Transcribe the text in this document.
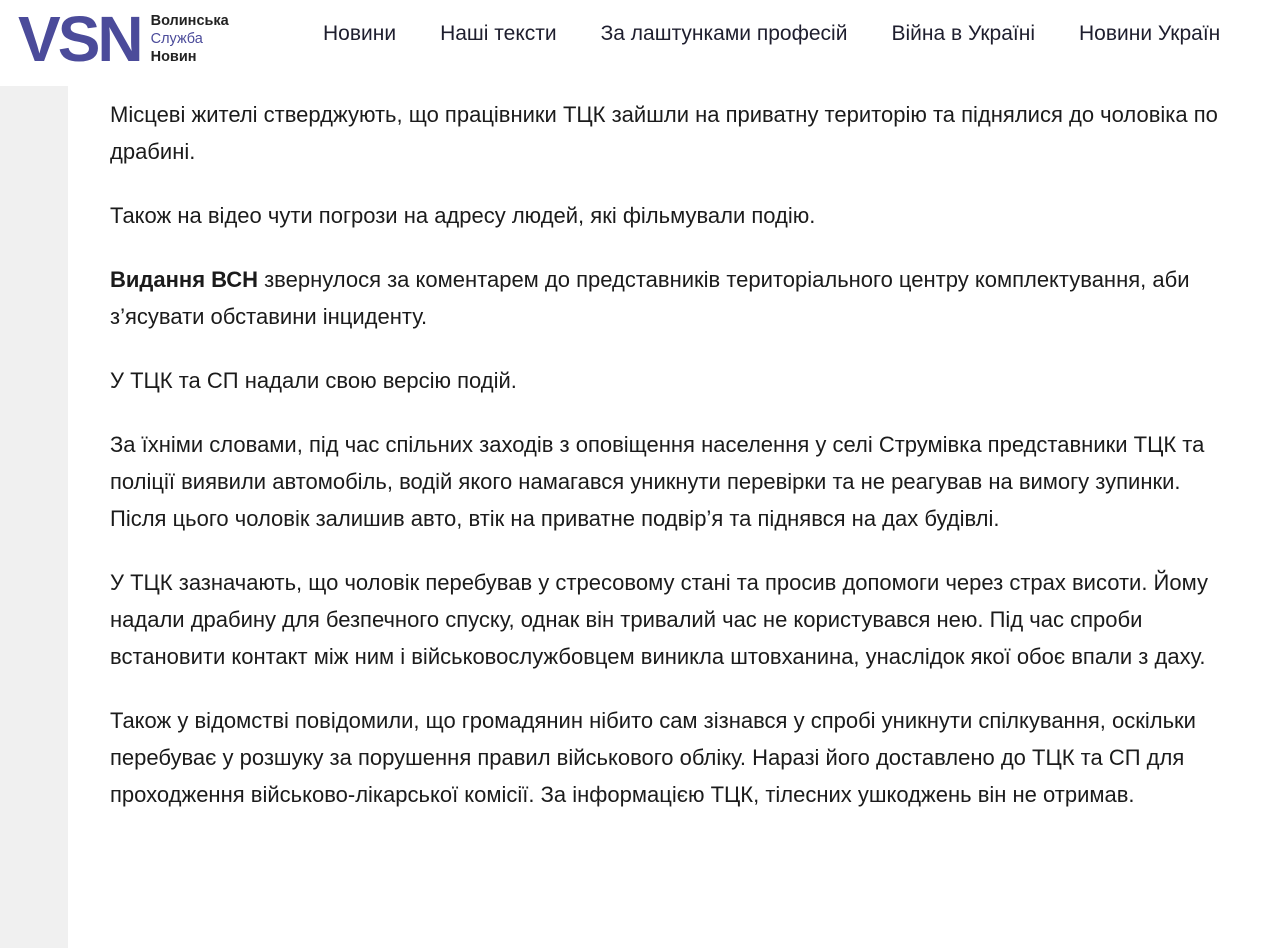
VSN Волинська
Служба
Новин
Новини Наші тексти За лаштунками професій Війна в Україні Новини Україн

Місцеві жителі стверджують, що працівники ТЦК зайшли на приватну територію та піднялися до чоловіка по драбині.

Також на відео чути погрози на адресу людей, які фільмували подію.

Видання ВСН звернулося за коментарем до представників територіального центру комплектування, аби з’ясувати обставини інциденту.

У ТЦК та СП надали свою версію подій.

За їхніми словами, під час спільних заходів з оповіщення населення у селі Струмівка представники ТЦК та поліції виявили автомобіль, водій якого намагався уникнути перевірки та не реагував на вимогу зупинки. Після цього чоловік залишив авто, втік на приватне подвір’я та піднявся на дах будівлі.

У ТЦК зазначають, що чоловік перебував у стресовому стані та просив допомоги через страх висоти. Йому надали драбину для безпечного спуску, однак він тривалий час не користувався нею. Під час спроби встановити контакт між ним і військовослужбовцем виникла штовханина, унаслідок якої обоє впали з даху.

Також у відомстві повідомили, що громадянин нібито сам зізнався у спробі уникнути спілкування, оскільки перебуває у розшуку за порушення правил військового обліку. Наразі його доставлено до ТЦК та СП для проходження військово-лікарської комісії. За інформацією ТЦК, тілесних ушкоджень він не отримав.
